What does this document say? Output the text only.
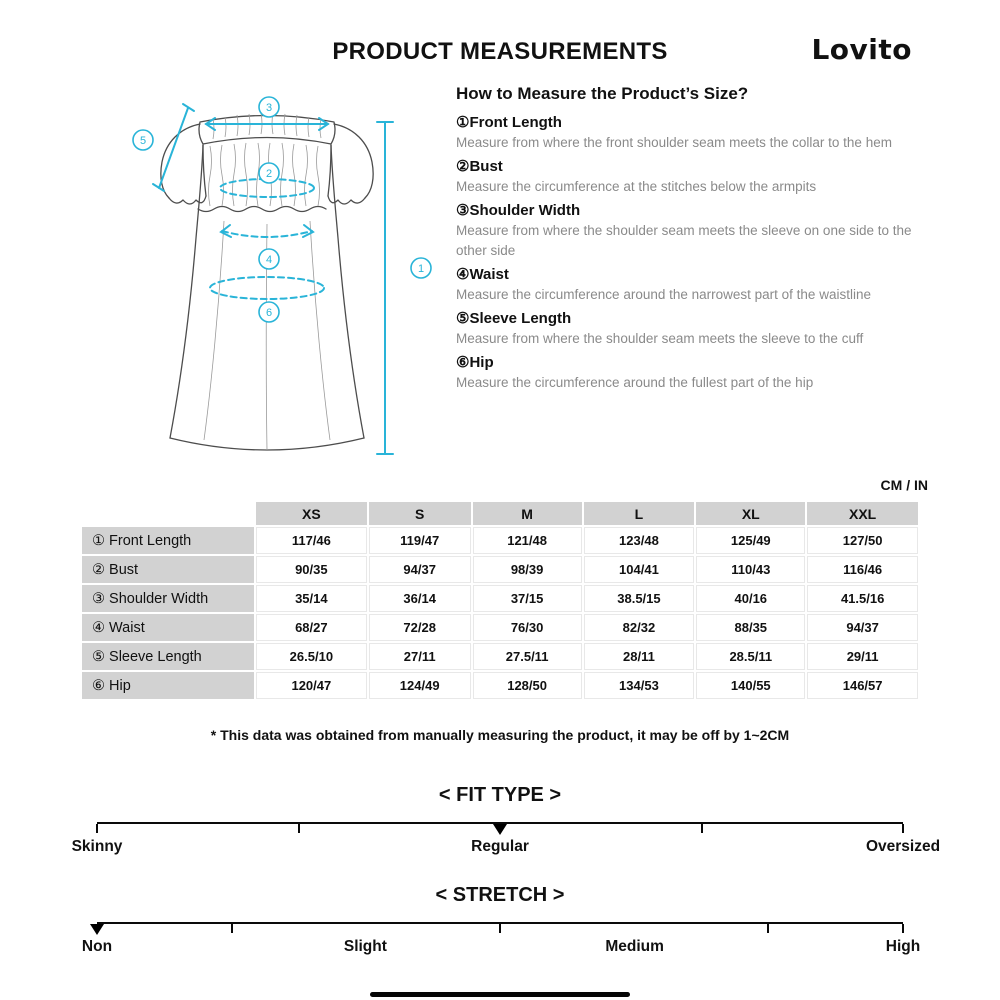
PRODUCT MEASUREMENTS	Lovito
3
5
2
4
6
1
How to Measure the Product’s Size?
①Front Length
Measure from where the front shoulder seam meets the collar to the hem
②Bust
Measure the circumference at the stitches below the armpits
③Shoulder Width
Measure from where the shoulder seam meets the sleeve on one side to the other side
④Waist
Measure the circumference around the narrowest part of the waistline
⑤Sleeve Length
Measure from where the shoulder seam meets the sleeve to the cuff
⑥Hip
Measure the circumference around the fullest part of the hip
CM / IN
	XS	S	M	L	XL	XXL
① Front Length	117/46	119/47	121/48	123/48	125/49	127/50
② Bust	90/35	94/37	98/39	104/41	110/43	116/46
③ Shoulder Width	35/14	36/14	37/15	38.5/15	40/16	41.5/16
④ Waist	68/27	72/28	76/30	82/32	88/35	94/37
⑤ Sleeve Length	26.5/10	27/11	27.5/11	28/11	28.5/11	29/11
⑥ Hip	120/47	124/49	128/50	134/53	140/55	146/57
* This data was obtained from manually measuring the product, it may be off by 1~2CM
< FIT TYPE >
Skinny	Regular	Oversized
< STRETCH >
Non	Slight	Medium	High
